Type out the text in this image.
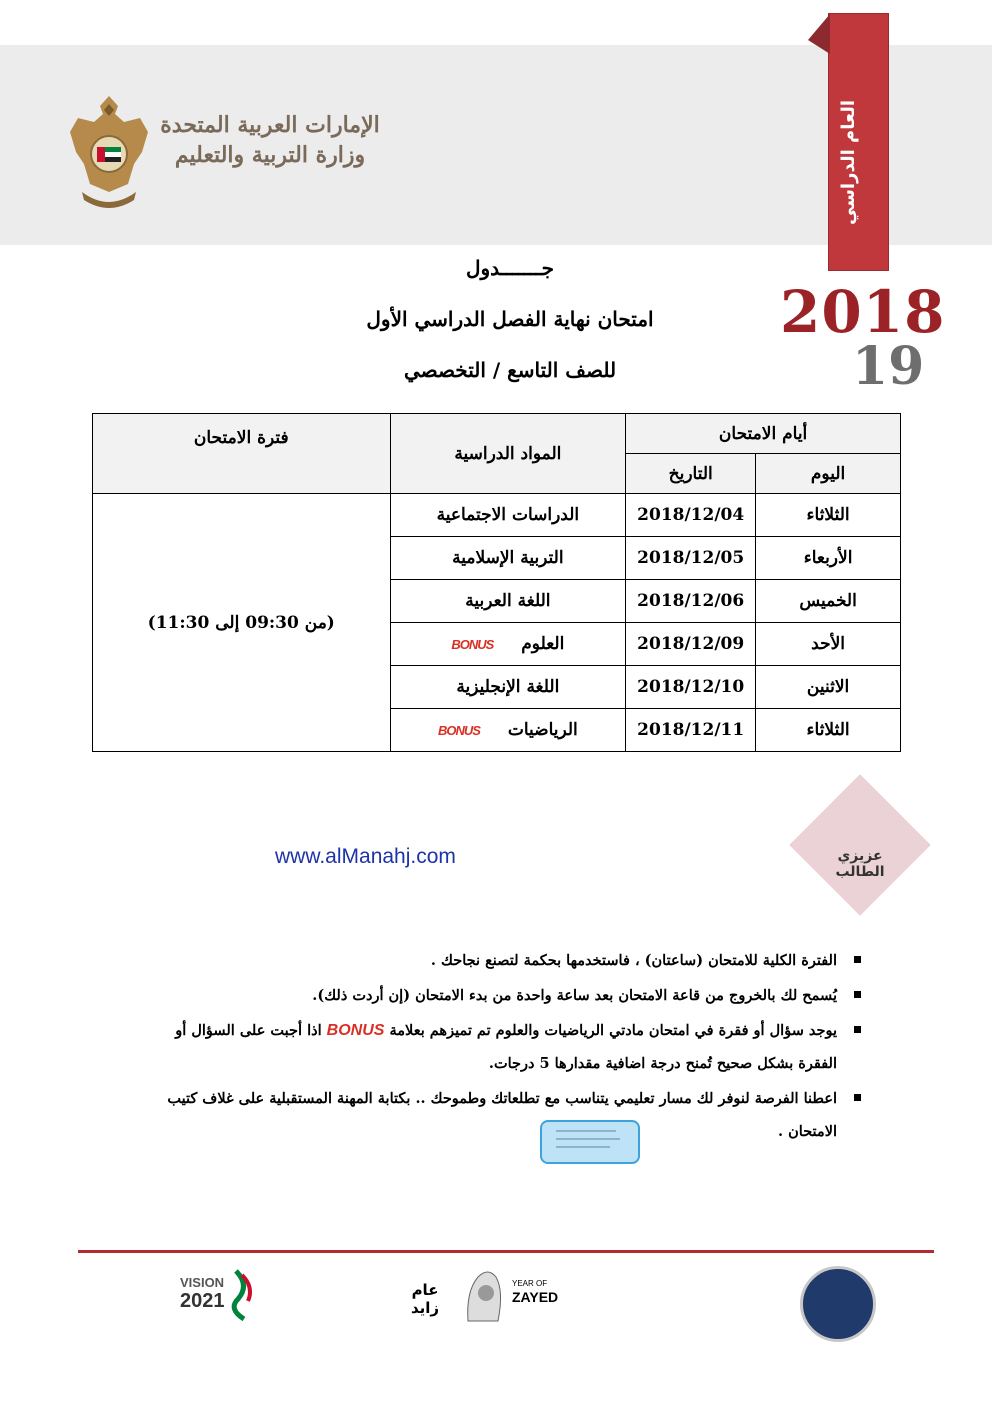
الإمارات العربية المتحدة
وزارة التربية والتعليم	العام الدراسي
2018
19
جـــــــدول
امتحان نهاية الفصل الدراسي الأول
للصف التاسع / التخصصي
فترة الامتحان	المواد الدراسية	أيام الامتحان	
		التاريخ	اليوم
(من 09:30 إلى 11:30)	الدراسات الاجتماعية	2018/12/04	الثلاثاء
	التربية الإسلامية	2018/12/05	الأربعاء
	اللغة العربية	2018/12/06	الخميس
	BONUS العلوم	2018/12/09	الأحد
	اللغة الإنجليزية	2018/12/10	الاثنين
	BONUS الرياضيات	2018/12/11	الثلاثاء
عزيزي الطالب
www.alManahj.com
الفترة الكلية للامتحان (ساعتان) ، فاستخدمها بحكمة لتصنع نجاحك .
يُسمح لك بالخروج من قاعة الامتحان بعد ساعة واحدة من بدء الامتحان (إن أردت ذلك).
يوجد سؤال أو فقرة في امتحان مادتي الرياضيات والعلوم تم تميزهم بعلامة BONUS اذا أجبت على السؤال أو الفقرة بشكل صحيح تُمنح درجة اضافية مقدارها 5 درجات.
اعطنا الفرصة لنوفر لك مسار تعليمي يتناسب مع تطلعاتك وطموحك .. بكتابة المهنة المستقبلية على غلاف كتيب الامتحان .
VISION
2021	عام زايد
YEAR OF
ZAYED
